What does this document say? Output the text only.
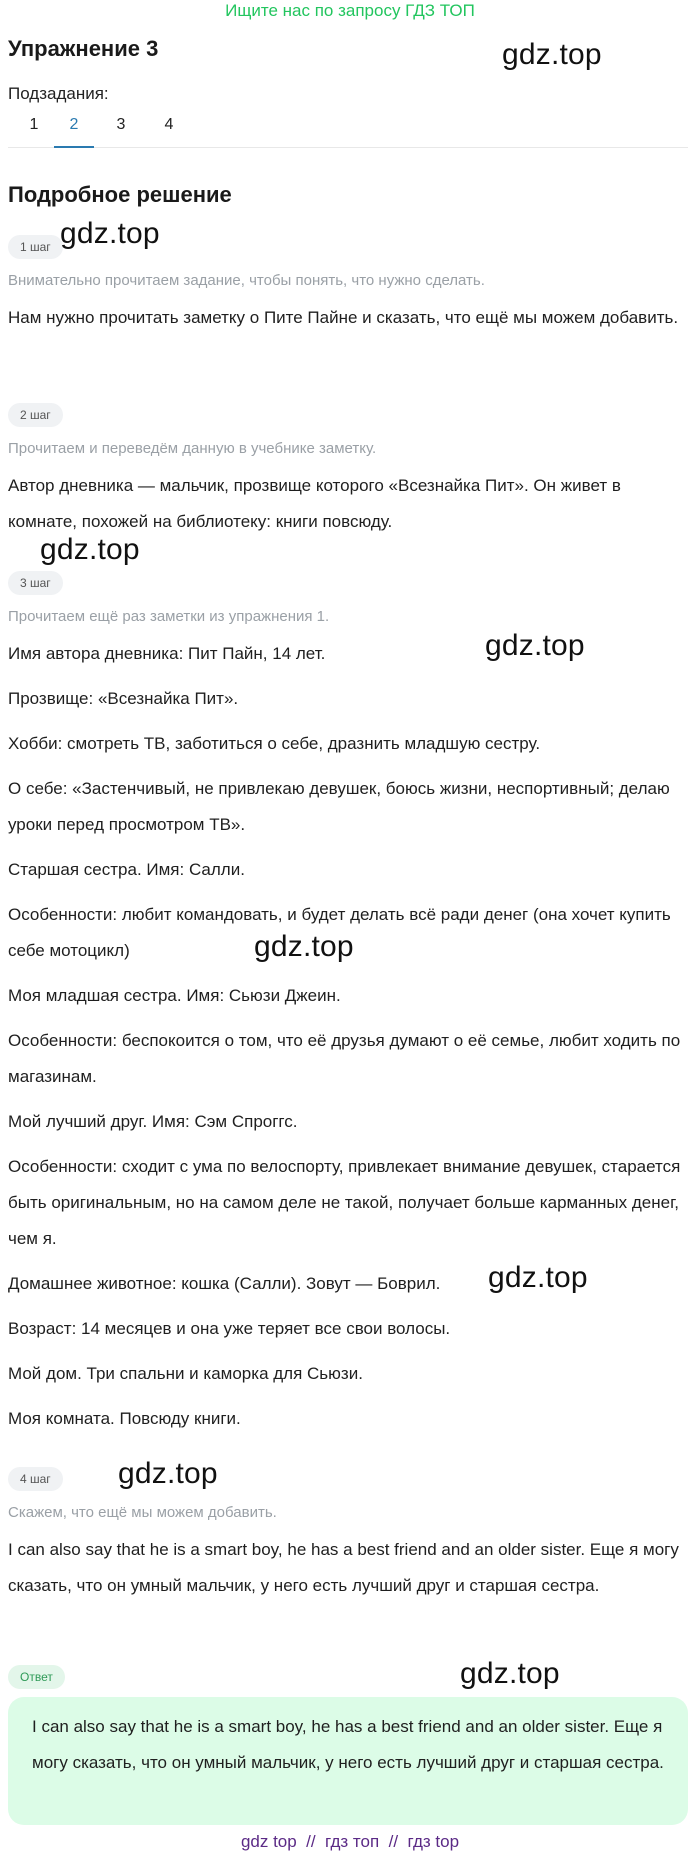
Ищите нас по запросу ГДЗ ТОП
Упражнение 3
Подзадания:
1	2	3	4
Подробное решение
1 шаг
Внимательно прочитаем задание, чтобы понять, что нужно сделать.
Нам нужно прочитать заметку о Пите Пайне и сказать, что ещё мы можем добавить.
2 шаг
Прочитаем и переведём данную в учебнике заметку.
Автор дневника — мальчик, прозвище которого «Всезнайка Пит». Он живет в комнате, похожей на библиотеку: книги повсюду.
3 шаг
Прочитаем ещё раз заметки из упражнения 1.
Имя автора дневника: Пит Пайн, 14 лет.
Прозвище: «Всезнайка Пит».
Хобби: смотреть ТВ, заботиться о себе, дразнить младшую сестру.
О себе: «Застенчивый, не привлекаю девушек, боюсь жизни, неспортивный; делаю уроки перед просмотром ТВ».
Старшая сестра. Имя: Салли.
Особенности: любит командовать, и будет делать всё ради денег (она хочет купить себе мотоцикл)
Моя младшая сестра. Имя: Сьюзи Джеин.
Особенности: беспокоится о том, что её друзья думают о её семье, любит ходить по магазинам.
Мой лучший друг. Имя: Сэм Спроггс.
Особенности: сходит с ума по велоспорту, привлекает внимание девушек, старается быть оригинальным, но на самом деле не такой, получает больше карманных денег, чем я.
Домашнее животное: кошка (Салли). Зовут — Боврил.
Возраст: 14 месяцев и она уже теряет все свои волосы.
Мой дом. Три спальни и каморка для Сьюзи.
Моя комната. Повсюду книги.
4 шаг
Скажем, что ещё мы можем добавить.
I can also say that he is a smart boy, he has a best friend and an older sister. Еще я могу сказать, что он умный мальчик, у него есть лучший друг и старшая сестра.
Ответ
I can also say that he is a smart boy, he has a best friend and an older sister. Еще я могу сказать, что он умный мальчик, у него есть лучший друг и старшая сестра.
gdz.top
gdz.top
gdz.top
gdz.top
gdz.top
gdz.top
gdz.top
gdz.top
gdz top  //  гдз топ  //  гдз top
